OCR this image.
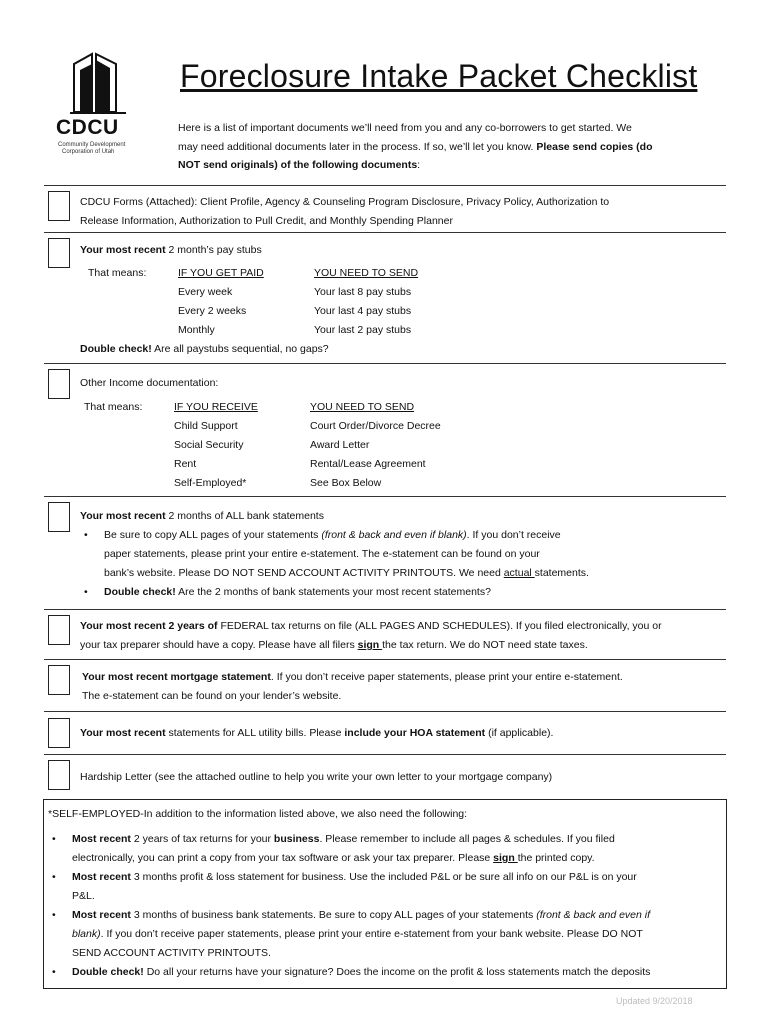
CDCU
Community Development
Corporation of Utah
Foreclosure Intake Packet Checklist
Here is a list of important documents we’ll need from you and any co-borrowers to get started. We
may need additional documents later in the process. If so, we’ll let you know. Please send copies (do
NOT send originals) of the following documents:
CDCU Forms (Attached): Client Profile, Agency & Counseling Program Disclosure, Privacy Policy, Authorization to
Release Information, Authorization to Pull Credit, and Monthly Spending Planner
Your most recent 2 month’s pay stubs
That means:	IF YOU GET PAID
Every week
Every 2 weeks
Monthly
YOU NEED TO SEND
Your last 8 pay stubs
Your last 4 pay stubs
Your last 2 pay stubs
Double check! Are all paystubs sequential, no gaps?
Other Income documentation:
That means:	IF YOU RECEIVE
Child Support
Social Security
Rent
Self-Employed*
YOU NEED TO SEND
Court Order/Divorce Decree
Award Letter
Rental/Lease Agreement
See Box Below
Your most recent 2 months of ALL bank statements
• Be sure to copy ALL pages of your statements (front & back and even if blank). If you don’t receive
paper statements, please print your entire e-statement. The e-statement can be found on your
bank’s website. Please DO NOT SEND ACCOUNT ACTIVITY PRINTOUTS. We need actual statements.
• Double check! Are the 2 months of bank statements your most recent statements?
Your most recent 2 years of FEDERAL tax returns on file (ALL PAGES AND SCHEDULES). If you filed electronically, you or
your tax preparer should have a copy. Please have all filers sign the tax return. We do NOT need state taxes.
Your most recent mortgage statement. If you don’t receive paper statements, please print your entire e-statement.
The e-statement can be found on your lender’s website.
Your most recent statements for ALL utility bills. Please include your HOA statement (if applicable).
Hardship Letter (see the attached outline to help you write your own letter to your mortgage company)
*SELF-EMPLOYED-In addition to the information listed above, we also need the following:
• Most recent 2 years of tax returns for your business. Please remember to include all pages & schedules. If you filed
electronically, you can print a copy from your tax software or ask your tax preparer. Please sign the printed copy.
• Most recent 3 months profit & loss statement for business. Use the included P&L or be sure all info on our P&L is on your
P&L.
• Most recent 3 months of business bank statements. Be sure to copy ALL pages of your statements (front & back and even if
blank). If you don’t receive paper statements, please print your entire e-statement from your bank website. Please DO NOT
SEND ACCOUNT ACTIVITY PRINTOUTS.
• Double check! Do all your returns have your signature? Does the income on the profit & loss statements match the deposits
Updated 9/20/2018
